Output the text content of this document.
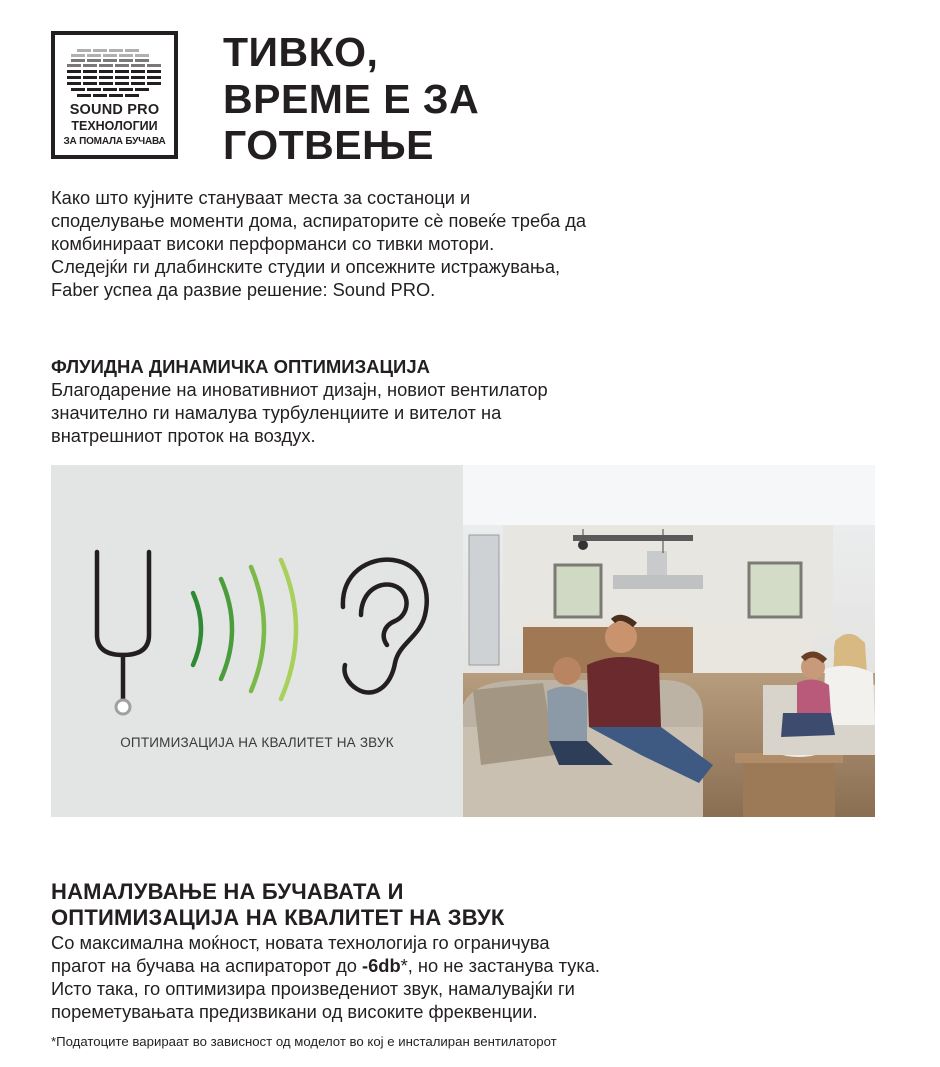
SOUND PRO
ТЕХНОЛОГИИ
ЗА ПОМАЛА БУЧАВА
ТИВКО,
ВРЕМЕ Е ЗА
ГОТВЕЊЕ
Како што кујните стануваат места за состаноци и
споделување моменти дома, аспираторите сè повеќе треба да
комбинираат високи перформанси со тивки мотори.
Следејќи ги длабинските студии и опсежните истражувања,
Faber успеа да развие решение: Sound PRO.
ФЛУИДНА ДИНАМИЧКА ОПТИМИЗАЦИЈА
Благодарение на иновативниот дизајн, новиот вентилатор
значително ги намалува турбуленциите и вителот на
внатрешниот проток на воздух.
ОПТИМИЗАЦИЈА НА КВАЛИТЕТ НА ЗВУК
НАМАЛУВАЊЕ НА БУЧАВАТА И
ОПТИМИЗАЦИЈА НА КВАЛИТЕТ НА ЗВУК
Со максимална моќност, новата технологија го ограничува
прагот на бучава на аспираторот до -6db*, но не застанува тука.
Исто така, го оптимизира произведениот звук, намалувајќи ги
пореметувањата предизвикани од високите фреквенции.
*Податоците варираат во зависност од моделот во кој е инсталиран вентилаторот
